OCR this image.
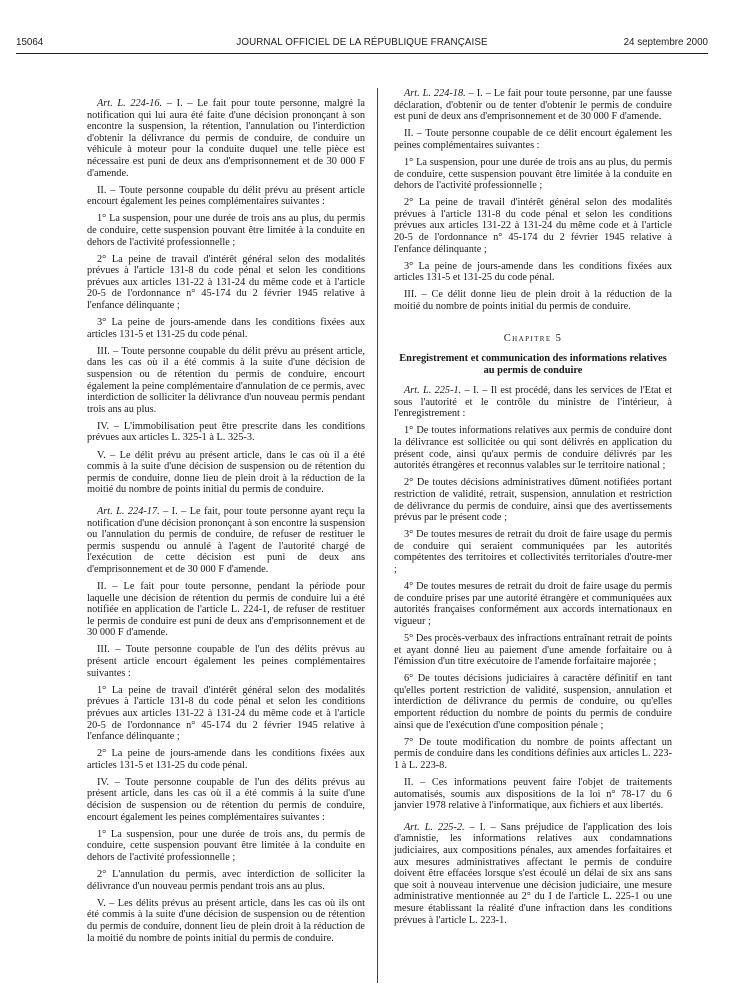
15064	JOURNAL OFFICIEL DE LA RÉPUBLIQUE FRANÇAISE	24 septembre 2000

Art. L. 224-16. – I. – Le fait pour toute personne, malgré la notification qui lui aura été faite d'une décision prononçant à son encontre la suspension, la rétention, l'annulation ou l'interdiction d'obtenir la délivrance du permis de conduire, de conduire un véhicule à moteur pour la conduite duquel une telle pièce est nécessaire est puni de deux ans d'emprisonnement et de 30 000 F d'amende.

II. – Toute personne coupable du délit prévu au présent article encourt également les peines complémentaires suivantes :

1° La suspension, pour une durée de trois ans au plus, du permis de conduire, cette suspension pouvant être limitée à la conduite en dehors de l'activité professionnelle ;

2° La peine de travail d'intérêt général selon des modalités prévues à l'article 131-8 du code pénal et selon les conditions prévues aux articles 131-22 à 131-24 du même code et à l'article 20-5 de l'ordonnance n° 45-174 du 2 février 1945 relative à l'enfance délinquante ;

3° La peine de jours-amende dans les conditions fixées aux articles 131-5 et 131-25 du code pénal.

III. – Toute personne coupable du délit prévu au présent article, dans les cas où il a été commis à la suite d'une décision de suspension ou de rétention du permis de conduire, encourt également la peine complémentaire d'annulation de ce permis, avec interdiction de solliciter la délivrance d'un nouveau permis pendant trois ans au plus.

IV. – L'immobilisation peut être prescrite dans les conditions prévues aux articles L. 325-1 à L. 325-3.

V. – Le délit prévu au présent article, dans le cas où il a été commis à la suite d'une décision de suspension ou de rétention du permis de conduire, donne lieu de plein droit à la réduction de la moitié du nombre de points initial du permis de conduire.

Art. L. 224-17. – I. – Le fait, pour toute personne ayant reçu la notification d'une décision prononçant à son encontre la suspension ou l'annulation du permis de conduire, de refuser de restituer le permis suspendu ou annulé à l'agent de l'autorité chargé de l'exécution de cette décision est puni de deux ans d'emprisonnement et de 30 000 F d'amende.

II. – Le fait pour toute personne, pendant la période pour laquelle une décision de rétention du permis de conduire lui a été notifiée en application de l'article L. 224-1, de refuser de restituer le permis de conduire est puni de deux ans d'emprisonnement et de 30 000 F d'amende.

III. – Toute personne coupable de l'un des délits prévus au présent article encourt également les peines complémentaires suivantes :

1° La peine de travail d'intérêt général selon des modalités prévues à l'article 131-8 du code pénal et selon les conditions prévues aux articles 131-22 à 131-24 du même code et à l'article 20-5 de l'ordonnance n° 45-174 du 2 février 1945 relative à l'enfance délinquante ;

2° La peine de jours-amende dans les conditions fixées aux articles 131-5 et 131-25 du code pénal.

IV. – Toute personne coupable de l'un des délits prévus au présent article, dans les cas où il a été commis à la suite d'une décision de suspension ou de rétention du permis de conduire, encourt également les peines complémentaires suivantes :

1° La suspension, pour une durée de trois ans, du permis de conduire, cette suspension pouvant être limitée à la conduite en dehors de l'activité professionnelle ;

2° L'annulation du permis, avec interdiction de solliciter la délivrance d'un nouveau permis pendant trois ans au plus.

V. – Les délits prévus au présent article, dans les cas où ils ont été commis à la suite d'une décision de suspension ou de rétention du permis de conduire, donnent lieu de plein droit à la réduction de la moitié du nombre de points initial du permis de conduire.

Art. L. 224-18. – I. – Le fait pour toute personne, par une fausse déclaration, d'obtenir ou de tenter d'obtenir le permis de conduire est puni de deux ans d'emprisonnement et de 30 000 F d'amende.

II. – Toute personne coupable de ce délit encourt également les peines complémentaires suivantes :

1° La suspension, pour une durée de trois ans au plus, du permis de conduire, cette suspension pouvant être limitée à la conduite en dehors de l'activité professionnelle ;

2° La peine de travail d'intérêt général selon des modalités prévues à l'article 131-8 du code pénal et selon les conditions prévues aux articles 131-22 à 131-24 du même code et à l'article 20-5 de l'ordonnance n° 45-174 du 2 février 1945 relative à l'enfance délinquante ;

3° La peine de jours-amende dans les conditions fixées aux articles 131-5 et 131-25 du code pénal.

III. – Ce délit donne lieu de plein droit à la réduction de la moitié du nombre de points initial du permis de conduire.

Chapitre 5

Enregistrement et communication des informations relatives au permis de conduire

Art. L. 225-1. – I. – Il est procédé, dans les services de l'Etat et sous l'autorité et le contrôle du ministre de l'intérieur, à l'enregistrement :

1° De toutes informations relatives aux permis de conduire dont la délivrance est sollicitée ou qui sont délivrés en application du présent code, ainsi qu'aux permis de conduire délivrés par les autorités étrangères et reconnus valables sur le territoire national ;

2° De toutes décisions administratives dûment notifiées portant restriction de validité, retrait, suspension, annulation et restriction de délivrance du permis de conduire, ainsi que des avertissements prévus par le présent code ;

3° De toutes mesures de retrait du droit de faire usage du permis de conduire qui seraient communiquées par les autorités compétentes des territoires et collectivités territoriales d'outre-mer ;

4° De toutes mesures de retrait du droit de faire usage du permis de conduire prises par une autorité étrangère et communiquées aux autorités françaises conformément aux accords internationaux en vigueur ;

5° Des procès-verbaux des infractions entraînant retrait de points et ayant donné lieu au paiement d'une amende forfaitaire ou à l'émission d'un titre exécutoire de l'amende forfaitaire majorée ;

6° De toutes décisions judiciaires à caractère définitif en tant qu'elles portent restriction de validité, suspension, annulation et interdiction de délivrance du permis de conduire, ou qu'elles emportent réduction du nombre de points du permis de conduire ainsi que de l'exécution d'une composition pénale ;

7° De toute modification du nombre de points affectant un permis de conduire dans les conditions définies aux articles L. 223-1 à L. 223-8.

II. – Ces informations peuvent faire l'objet de traitements automatisés, soumis aux dispositions de la loi n° 78-17 du 6 janvier 1978 relative à l'informatique, aux fichiers et aux libertés.

Art. L. 225-2. – I. – Sans préjudice de l'application des lois d'amnistie, les informations relatives aux condamnations judiciaires, aux compositions pénales, aux amendes forfaitaires et aux mesures administratives affectant le permis de conduire doivent être effacées lorsque s'est écoulé un délai de six ans sans que soit à nouveau intervenue une décision judiciaire, une mesure administrative mentionnée au 2° du I de l'article L. 225-1 ou une mesure établissant la réalité d'une infraction dans les conditions prévues à l'article L. 223-1.
